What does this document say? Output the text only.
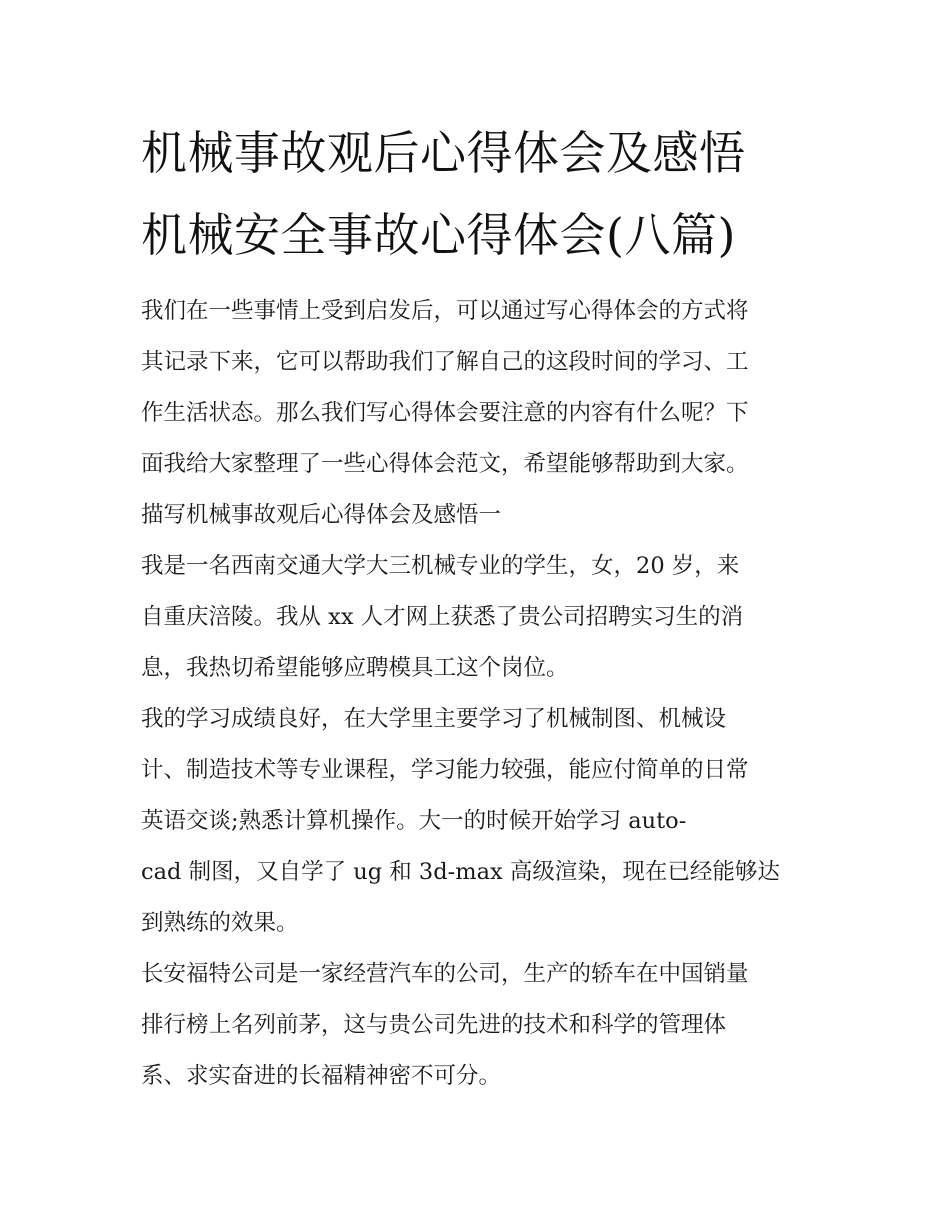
机械事故观后心得体会及感悟
机械安全事故心得体会(八篇)
我们在一些事情上受到启发后，可以通过写心得体会的方式将
其记录下来，它可以帮助我们了解自己的这段时间的学习、工
作生活状态。那么我们写心得体会要注意的内容有什么呢？下
面我给大家整理了一些心得体会范文，希望能够帮助到大家。
描写机械事故观后心得体会及感悟一
我是一名西南交通大学大三机械专业的学生，女，20 岁，来
自重庆涪陵。我从 xx 人才网上获悉了贵公司招聘实习生的消
息，我热切希望能够应聘模具工这个岗位。
我的学习成绩良好，在大学里主要学习了机械制图、机械设
计、制造技术等专业课程，学习能力较强，能应付简单的日常
英语交谈;熟悉计算机操作。大一的时候开始学习 auto-
cad 制图，又自学了 ug 和 3d-max 高级渲染，现在已经能够达
到熟练的效果。
长安福特公司是一家经营汽车的公司，生产的轿车在中国销量
排行榜上名列前茅，这与贵公司先进的技术和科学的管理体
系、求实奋进的长福精神密不可分。
